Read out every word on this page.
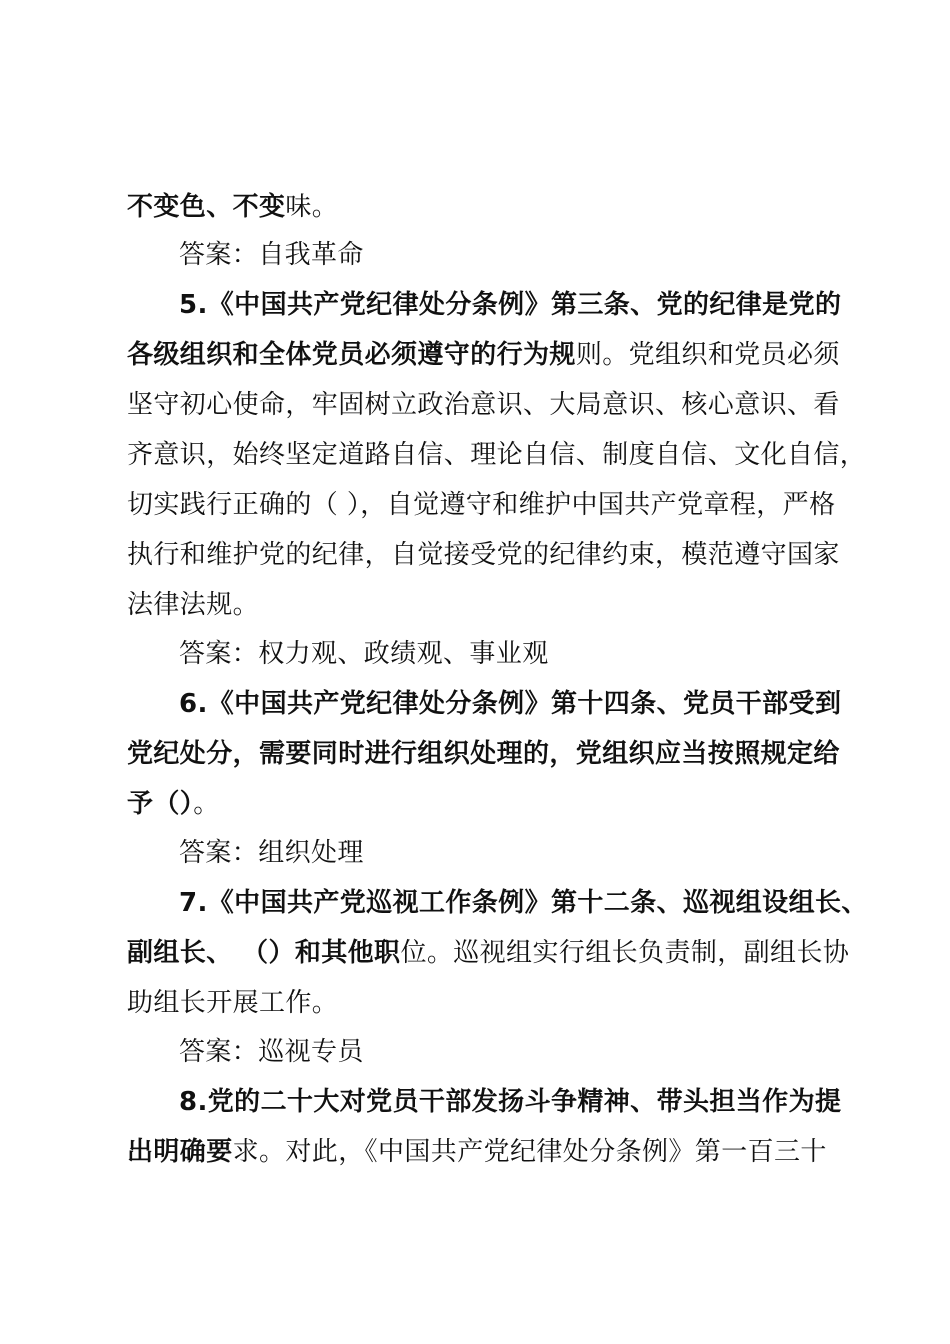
不变色、不变味。
答案：自我革命
5.《中国共产党纪律处分条例》第三条、党的纪律是党的
各级组织和全体党员必须遵守的行为规则。党组织和党员必须
坚守初心使命，牢固树立政治意识、大局意识、核心意识、看
齐意识，始终坚定道路自信、理论自信、制度自信、文化自信，
切实践行正确的（ ），自觉遵守和维护中国共产党章程，严格
执行和维护党的纪律，自觉接受党的纪律约束，模范遵守国家
法律法规。
答案：权力观、政绩观、事业观
6.《中国共产党纪律处分条例》第十四条、党员干部受到
党纪处分，需要同时进行组织处理的，党组织应当按照规定给
予（）。
答案：组织处理
7.《中国共产党巡视工作条例》第十二条、巡视组设组长、
副组长、 （）和其他职位。巡视组实行组长负责制，副组长协
助组长开展工作。
答案：巡视专员
8.党的二十大对党员干部发扬斗争精神、带头担当作为提
出明确要求。对此，《中国共产党纪律处分条例》第一百三十
